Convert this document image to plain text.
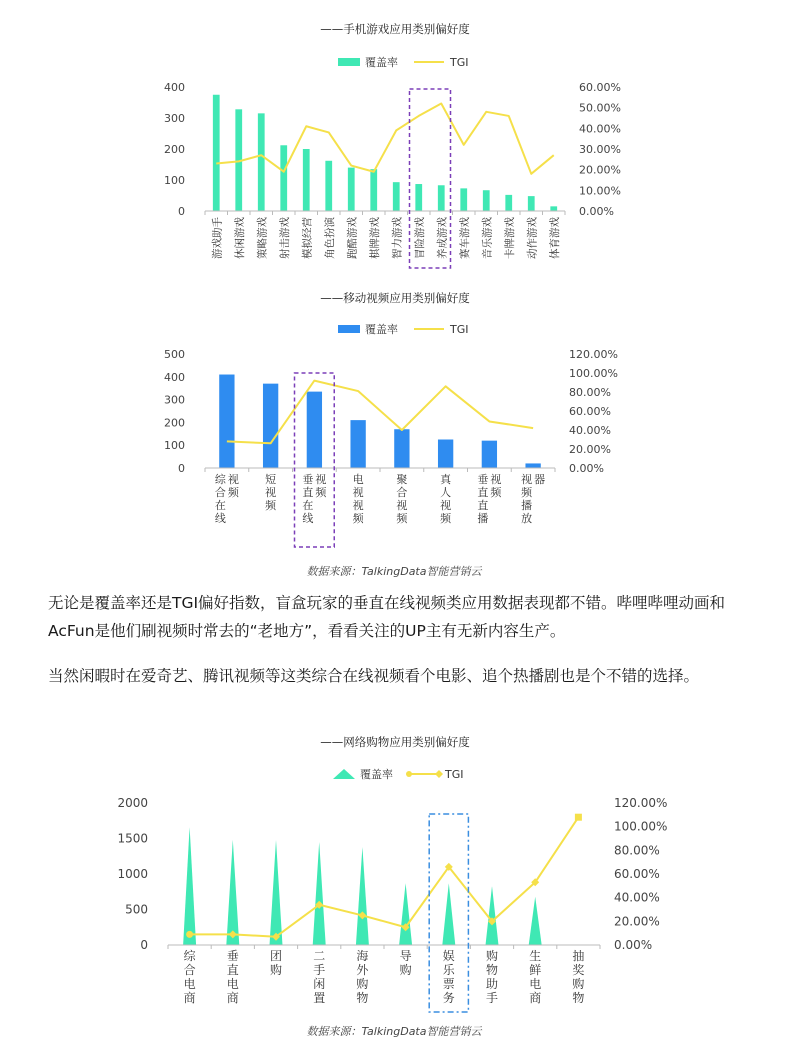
——手机游戏应用类别偏好度
覆盖率	TGI
0
100
200
300
400
0.00%
10.00%
20.00%
30.00%
40.00%
50.00%
60.00%
游戏助手 休闲游戏 策略游戏 射击游戏 模拟经营 角色扮演 跑酷游戏 棋牌游戏 智力游戏 冒险游戏 养成游戏 赛车游戏 音乐游戏 卡牌游戏 动作游戏 体育游戏
——移动视频应用类别偏好度
覆盖率	TGI
0
100
200
300
400
500
0.00%
20.00%
40.00%
60.00%
80.00%
100.00%
120.00%
综合在线
视频
短视频
垂直在线
视频
电视视频
聚合视频
真人视频
垂直直播
视频
视频播放
器

数据来源：TalkingData智能营销云

无论是覆盖率还是TGI偏好指数，盲盒玩家的垂直在线视频类应用数据表现都不错。哔哩哔哩动画和AcFun是他们刷视频时常去的“老地方”，看看关注的UP主有无新内容生产。

当然闲暇时在爱奇艺、腾讯视频等这类综合在线视频看个电影、追个热播剧也是个不错的选择。

——网络购物应用类别偏好度
覆盖率	TGI
0
500
1000
1500
2000
0.00%
20.00%
40.00%
60.00%
80.00%
100.00%
120.00%
综合电商
垂直电商
团购
二手闲置
海外购物
导购
娱乐票务
购物助手
生鲜电商
抽奖购物

数据来源：TalkingData智能营销云
